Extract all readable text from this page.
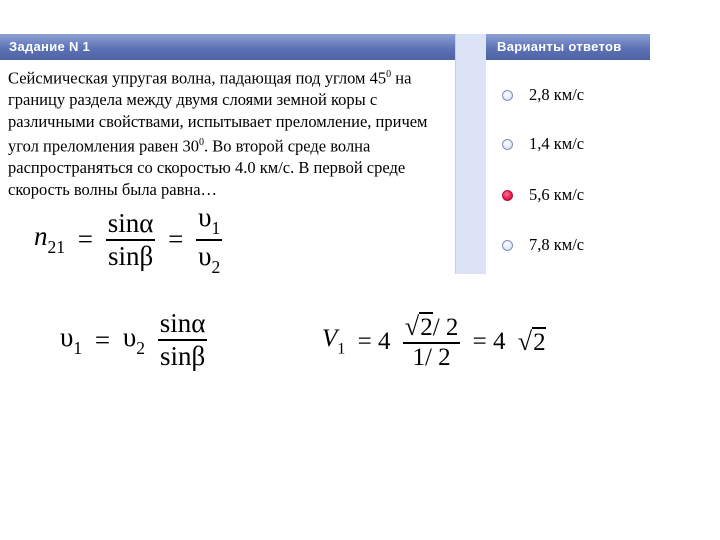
Задание N 1	Варианты ответов
Сейсмическая упругая волна, падающая под углом $45^0$ на границу раздела между двумя слоями земной коры с различными свойствами, испытывает преломление, причем угол преломления равен $30^0$. Во второй среде волна распространяться со скоростью 4.0 км/с. В первой среде скорость волны была равна…
2,8 км/с
1,4 км/с
5,6 км/с
7,8 км/с
$n_{21} = \frac{\sin\alpha}{\sin\beta} = \frac{\upsilon_1}{\upsilon_2}$
$\upsilon_1 = \upsilon_2 \frac{\sin\alpha}{\sin\beta}$	$V_1 = 4 \frac{√2/ 2}{1/ 2} = 4$ √2
